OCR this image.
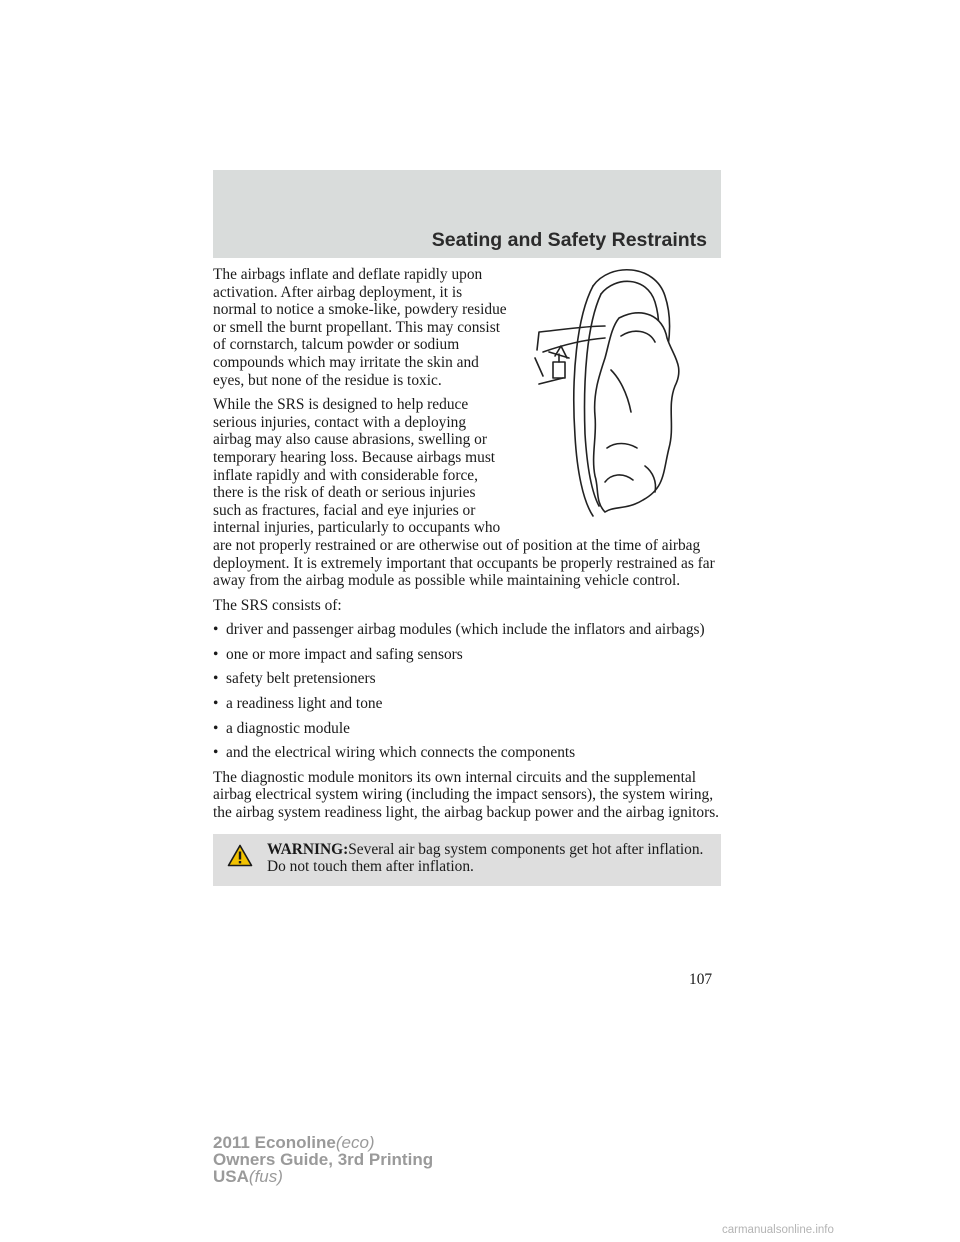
Seating and Safety Restraints

The airbags inflate and deflate rapidly upon activation. After airbag deployment, it is normal to notice a smoke-like, powdery residue or smell the burnt propellant. This may consist of cornstarch, talcum powder or sodium compounds which may irritate the skin and eyes, but none of the residue is toxic.

While the SRS is designed to help reduce serious injuries, contact with a deploying airbag may also cause abrasions, swelling or temporary hearing loss. Because airbags must inflate rapidly and with considerable force, there is the risk of death or serious injuries such as fractures, facial and eye injuries or internal injuries, particularly to occupants who are not properly restrained or are otherwise out of position at the time of airbag deployment. It is extremely important that occupants be properly restrained as far away from the airbag module as possible while maintaining vehicle control.

The SRS consists of:

• driver and passenger airbag modules (which include the inflators and airbags)
• one or more impact and safing sensors
• safety belt pretensioners
• a readiness light and tone
• a diagnostic module
• and the electrical wiring which connects the components

The diagnostic module monitors its own internal circuits and the supplemental airbag electrical system wiring (including the impact sensors), the system wiring, the airbag system readiness light, the airbag backup power and the airbag ignitors.

WARNING:Several air bag system components get hot after inflation. Do not touch them after inflation.
107
2011 Econoline(eco)
Owners Guide, 3rd Printing
USA(fus)
carmanualsonline.info
